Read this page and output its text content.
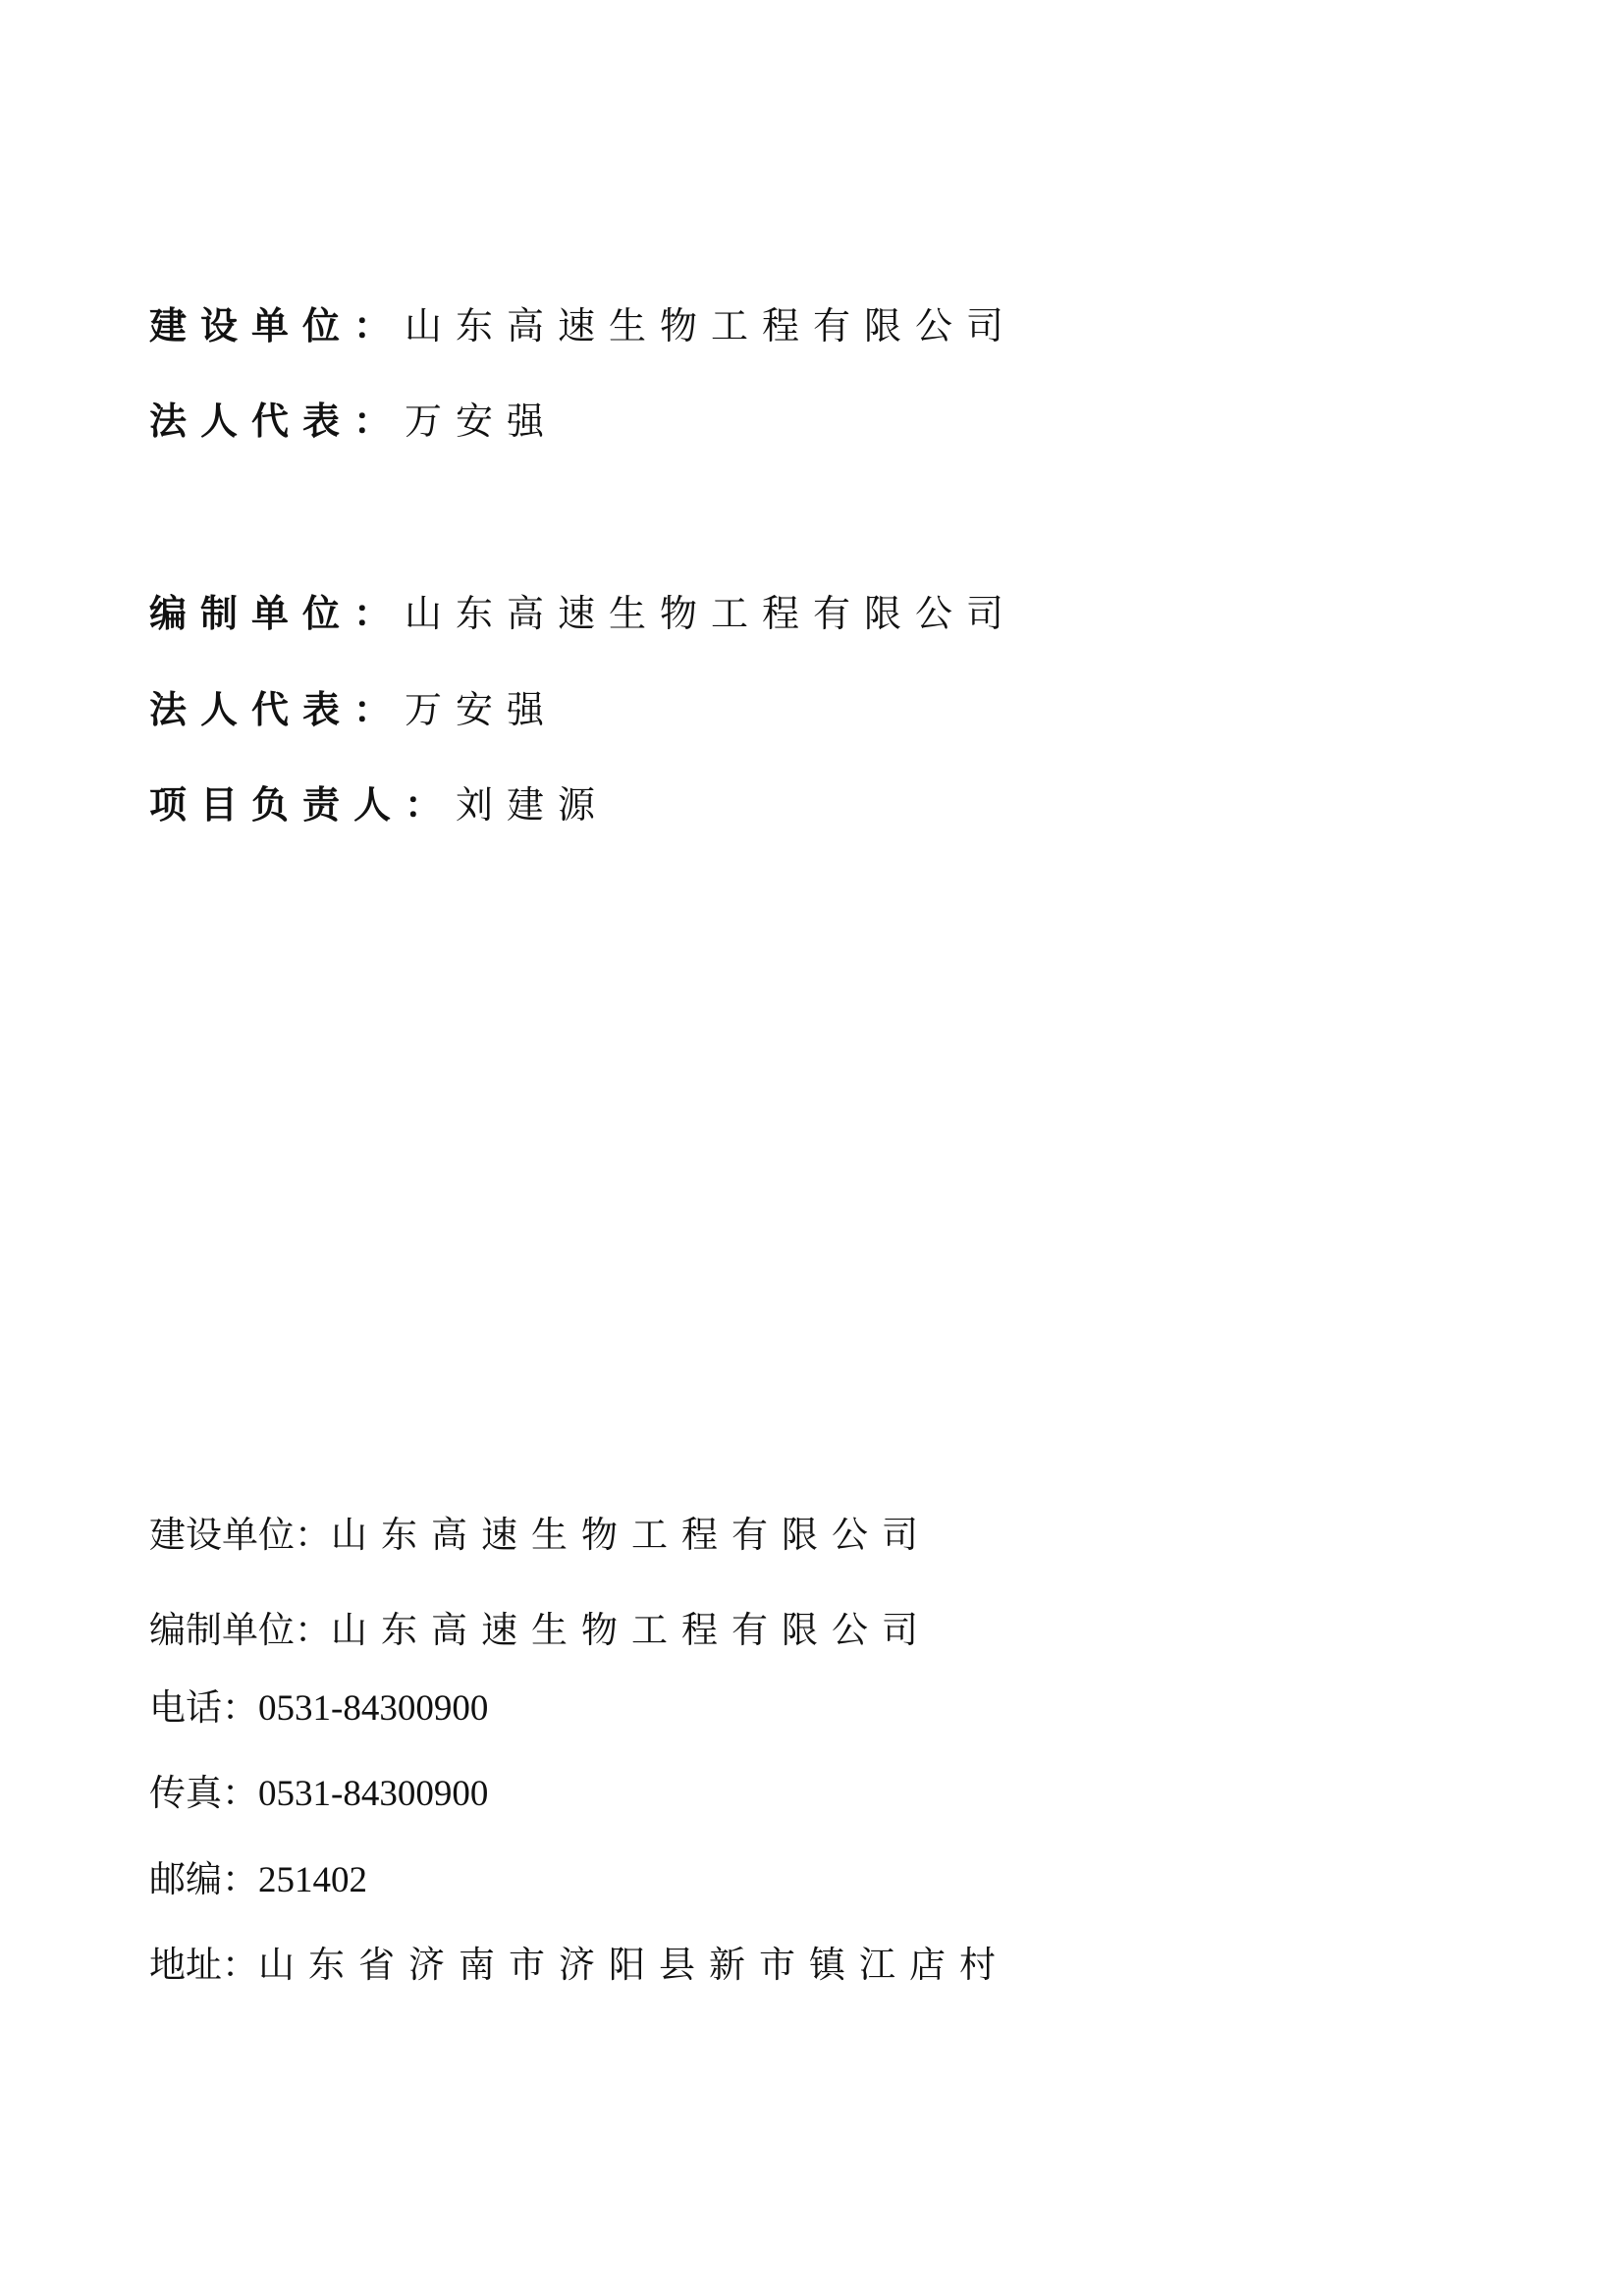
建设单位：山东高速生物工程有限公司
法人代表：万安强
编制单位：山东高速生物工程有限公司
法人代表：万安强
项目负责人：刘建源
建设单位：山东高速生物工程有限公司
编制单位：山东高速生物工程有限公司
电话：0531-84300900
传真：0531-84300900
邮编：251402
地址：山东省济南市济阳县新市镇江店村
